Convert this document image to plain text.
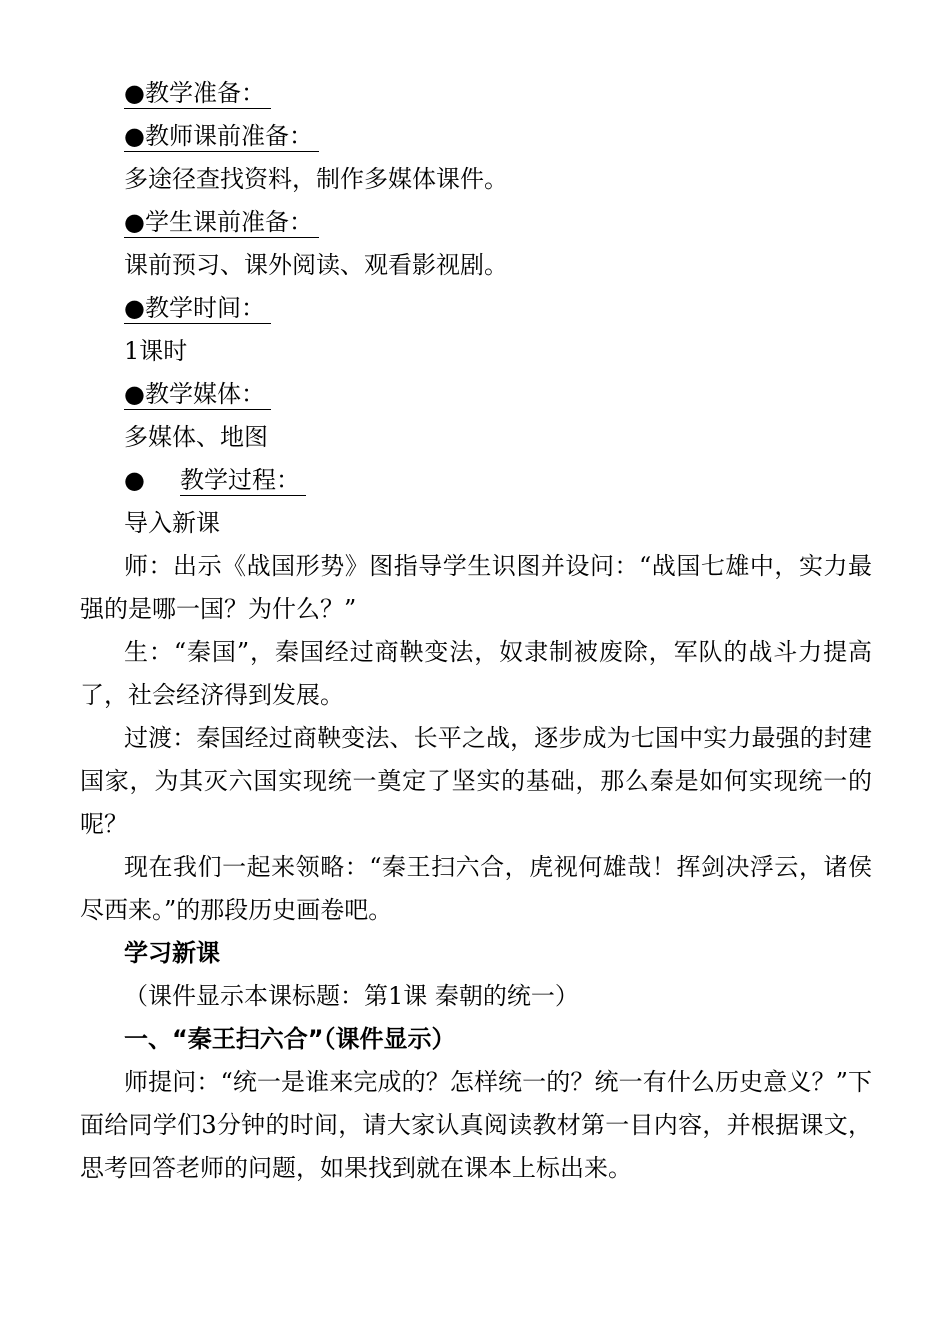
●教学准备：
●教师课前准备：
多途径查找资料，制作多媒体课件。
●学生课前准备：
课前预习、课外阅读、观看影视剧。
●教学时间：
1课时
●教学媒体：
多媒体、地图
● 教学过程：
导入新课
师：出示《战国形势》图指导学生识图并设问：“战国七雄中，实力最强的是哪一国？为什么？”
生：“秦国”，秦国经过商鞅变法，奴隶制被废除，军队的战斗力提高了，社会经济得到发展。
过渡：秦国经过商鞅变法、长平之战，逐步成为七国中实力最强的封建国家，为其灭六国实现统一奠定了坚实的基础，那么秦是如何实现统一的呢？
现在我们一起来领略：“秦王扫六合，虎视何雄哉！挥剑决浮云，诸侯尽西来。”的那段历史画卷吧。
学习新课
（课件显示本课标题：第1课 秦朝的统一）
一、“秦王扫六合”（课件显示）
师提问：“统一是谁来完成的？怎样统一的？统一有什么历史意义？”下面给同学们3分钟的时间，请大家认真阅读教材第一目内容，并根据课文，思考回答老师的问题，如果找到就在课本上标出来。
